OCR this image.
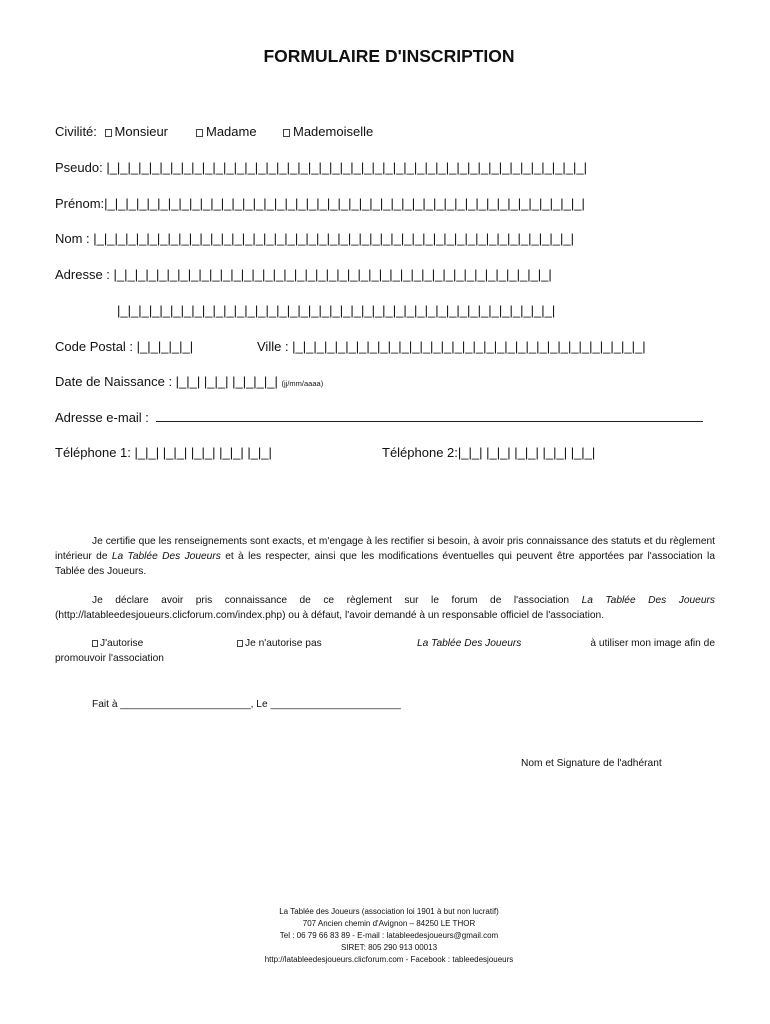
FORMULAIRE D'INSCRIPTION
Civilité: Monsieur	Madame	Mademoiselle
Pseudo: |_|_|_|_|_|_|_|_|_|_|_|_|_|_|_|_|_|_|_|_|_|_|_|_|_|_|_|_|_|_|_|_|_|_|_|_|_|_|_|_|_|_|_|_|_|
Prénom:|_|_|_|_|_|_|_|_|_|_|_|_|_|_|_|_|_|_|_|_|_|_|_|_|_|_|_|_|_|_|_|_|_|_|_|_|_|_|_|_|_|_|_|_|_|
Nom : |_|_|_|_|_|_|_|_|_|_|_|_|_|_|_|_|_|_|_|_|_|_|_|_|_|_|_|_|_|_|_|_|_|_|_|_|_|_|_|_|_|_|_|_|_|
Adresse : |_|_|_|_|_|_|_|_|_|_|_|_|_|_|_|_|_|_|_|_|_|_|_|_|_|_|_|_|_|_|_|_|_|_|_|_|_|_|_|_|_|
|_|_|_|_|_|_|_|_|_|_|_|_|_|_|_|_|_|_|_|_|_|_|_|_|_|_|_|_|_|_|_|_|_|_|_|_|_|_|_|_|_|
Code Postal : |_|_|_|_|_|	Ville : |_|_|_|_|_|_|_|_|_|_|_|_|_|_|_|_|_|_|_|_|_|_|_|_|_|_|_|_|_|_|_|_|_|
Date de Naissance : |_|_| |_|_| |_|_|_|_| (jj/mm/aaaa)
Adresse e-mail :
Téléphone 1: |_|_| |_|_| |_|_| |_|_| |_|_|	Téléphone 2:|_|_| |_|_| |_|_| |_|_| |_|_|
Je certifie que les renseignements sont exacts, et m'engage à les rectifier si besoin, à avoir pris connaissance des statuts et du règlement intérieur de La Tablée Des Joueurs et à les respecter, ainsi que les modifications éventuelles qui peuvent être apportées par l'association la Tablée des Joueurs.
Je déclare avoir pris connaissance de ce règlement sur le forum de l'association La Tablée Des Joueurs (http://latableedesjoueurs.clicforum.com/index.php) ou à défaut, l'avoir demandé à un responsable officiel de l'association.
J'autorise	Je n'autorise pas	La Tablée Des Joueurs	à utiliser mon image afin de
promouvoir l'association
Fait à _______________________, Le _______________________
Nom et Signature de l'adhérant
La Tablée des Joueurs (association loi 1901 à but non lucratif)
707 Ancien chemin d'Avignon – 84250 LE THOR
Tel : 06 79 66 83 89 - E-mail : latableedesjoueurs@gmail.com
SIRET: 805 290 913 00013
http://latableedesjoueurs.clicforum.com - Facebook : tableedesjoueurs
